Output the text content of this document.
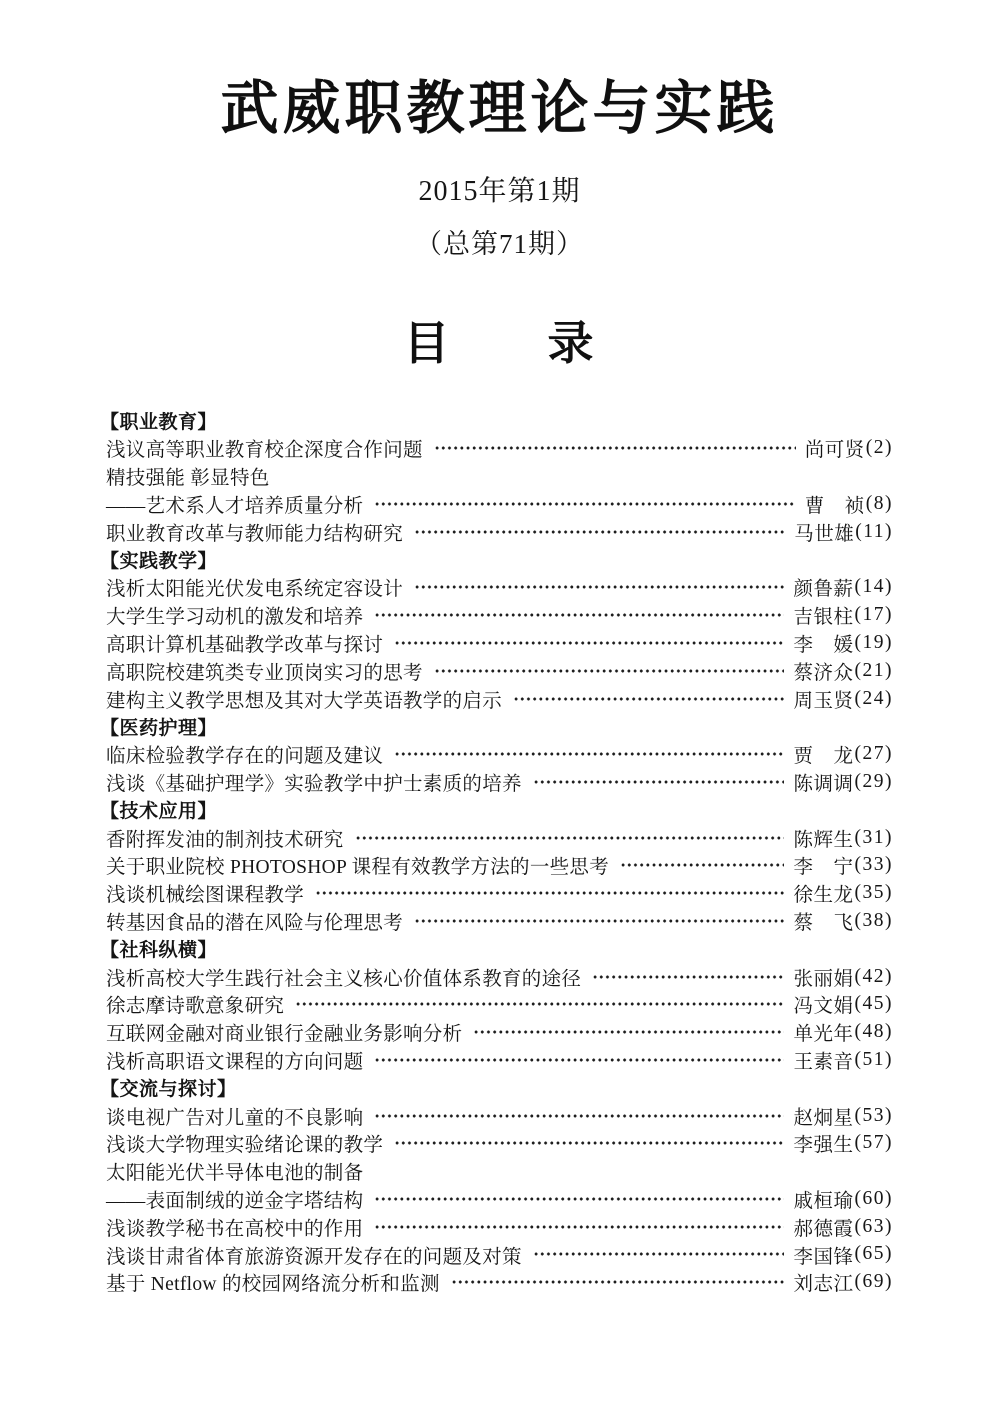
武威职教理论与实践
2015年第1期
（总第71期）
目　　录
【职业教育】
浅议高等职业教育校企深度合作问题	尚可贤 (2)
精技强能 彰显特色
——艺术系人才培养质量分析	曹　祯 (8)
职业教育改革与教师能力结构研究	马世雄 (11)
【实践教学】
浅析太阳能光伏发电系统定容设计	颜鲁薪 (14)
大学生学习动机的激发和培养	吉银柱 (17)
高职计算机基础教学改革与探讨	李　媛 (19)
高职院校建筑类专业顶岗实习的思考	蔡济众 (21)
建构主义教学思想及其对大学英语教学的启示	周玉贤 (24)
【医药护理】
临床检验教学存在的问题及建议	贾　龙 (27)
浅谈《基础护理学》实验教学中护士素质的培养	陈调调 (29)
【技术应用】
香附挥发油的制剂技术研究	陈辉生 (31)
关于职业院校 PHOTOSHOP 课程有效教学方法的一些思考	李　宁 (33)
浅谈机械绘图课程教学	徐生龙 (35)
转基因食品的潜在风险与伦理思考	蔡　飞 (38)
【社科纵横】
浅析高校大学生践行社会主义核心价值体系教育的途径	张丽娟 (42)
徐志摩诗歌意象研究	冯文娟 (45)
互联网金融对商业银行金融业务影响分析	单光年 (48)
浅析高职语文课程的方向问题	王素音 (51)
【交流与探讨】
谈电视广告对儿童的不良影响	赵炯星 (53)
浅谈大学物理实验绪论课的教学	李强生 (57)
太阳能光伏半导体电池的制备
——表面制绒的逆金字塔结构	戚桓瑜 (60)
浅谈教学秘书在高校中的作用	郝德霞 (63)
浅谈甘肃省体育旅游资源开发存在的问题及对策	李国锋 (65)
基于 Netflow 的校园网络流分析和监测	刘志江 (69)
